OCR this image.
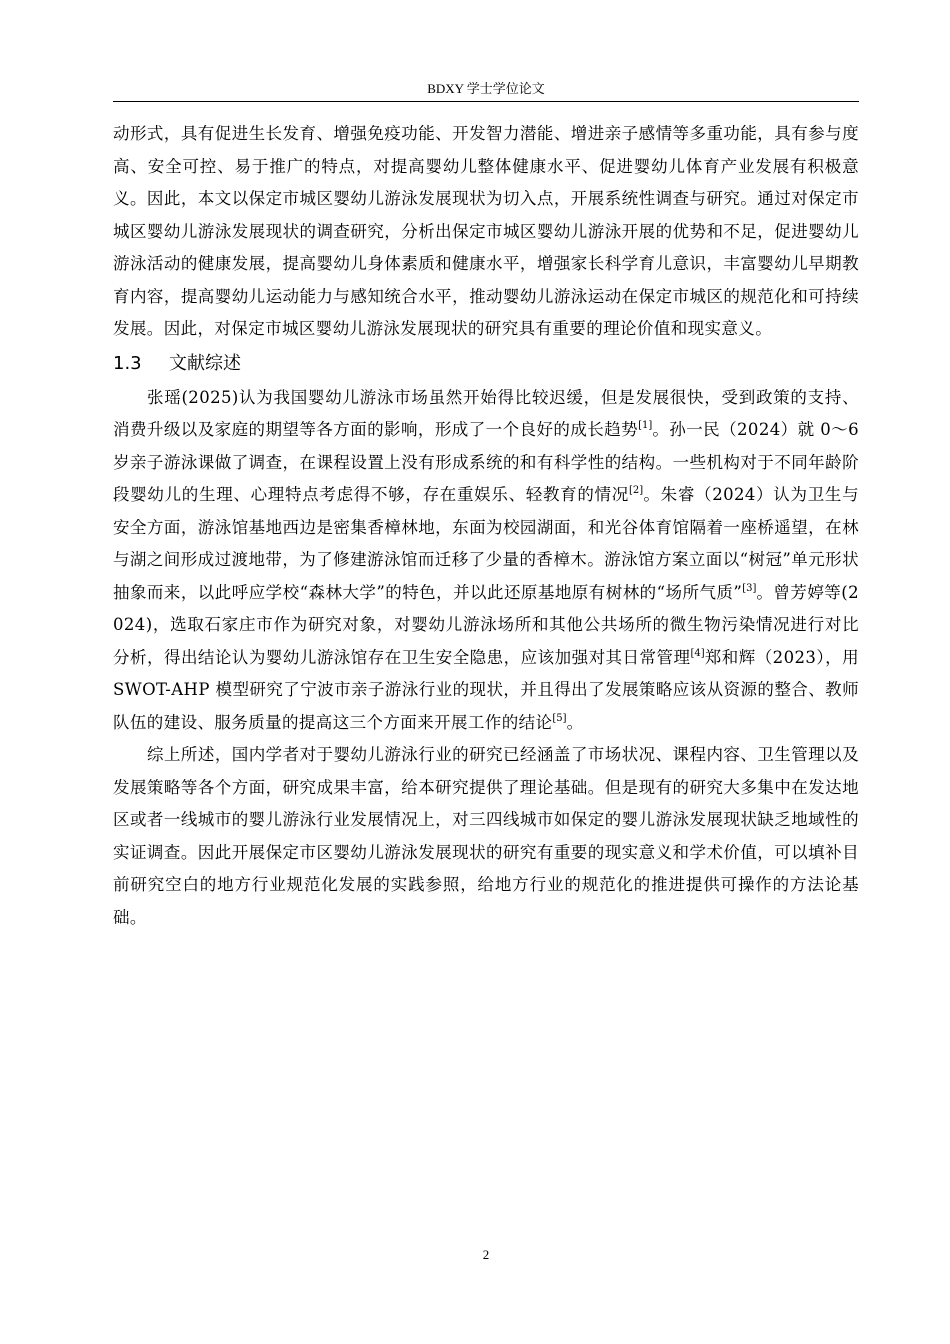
BDXY 学士学位论文

动形式，具有促进生长发育、增强免疫功能、开发智力潜能、增进亲子感情等多重功能，具有参与度高、安全可控、易于推广的特点，对提高婴幼儿整体健康水平、促进婴幼儿体育产业发展有积极意义。因此，本文以保定市城区婴幼儿游泳发展现状为切入点，开展系统性调查与研究。通过对保定市城区婴幼儿游泳发展现状的调查研究，分析出保定市城区婴幼儿游泳开展的优势和不足，促进婴幼儿游泳活动的健康发展，提高婴幼儿身体素质和健康水平，增强家长科学育儿意识，丰富婴幼儿早期教育内容，提高婴幼儿运动能力与感知统合水平，推动婴幼儿游泳运动在保定市城区的规范化和可持续发展。因此，对保定市城区婴幼儿游泳发展现状的研究具有重要的理论价值和现实意义。

1.3 文献综述

张瑶(2025)认为我国婴幼儿游泳市场虽然开始得比较迟缓，但是发展很快，受到政策的支持、消费升级以及家庭的期望等各方面的影响，形成了一个良好的成长趋势[1]。孙一民（2024）就 0～6 岁亲子游泳课做了调查，在课程设置上没有形成系统的和有科学性的结构。一些机构对于不同年龄阶段婴幼儿的生理、心理特点考虑得不够，存在重娱乐、轻教育的情况[2]。朱睿（2024）认为卫生与安全方面，游泳馆基地西边是密集香樟林地，东面为校园湖面，和光谷体育馆隔着一座桥遥望，在林与湖之间形成过渡地带，为了修建游泳馆而迁移了少量的香樟木。游泳馆方案立面以“树冠”单元形状抽象而来，以此呼应学校“森林大学”的特色，并以此还原基地原有树林的“场所气质”[3]。曾芳婷等(2024)，选取石家庄市作为研究对象，对婴幼儿游泳场所和其他公共场所的微生物污染情况进行对比分析，得出结论认为婴幼儿游泳馆存在卫生安全隐患，应该加强对其日常管理[4]郑和辉（2023），用 SWOT-AHP 模型研究了宁波市亲子游泳行业的现状，并且得出了发展策略应该从资源的整合、教师队伍的建设、服务质量的提高这三个方面来开展工作的结论[5]。

综上所述，国内学者对于婴幼儿游泳行业的研究已经涵盖了市场状况、课程内容、卫生管理以及发展策略等各个方面，研究成果丰富，给本研究提供了理论基础。但是现有的研究大多集中在发达地区或者一线城市的婴儿游泳行业发展情况上，对三四线城市如保定的婴儿游泳发展现状缺乏地域性的实证调查。因此开展保定市区婴幼儿游泳发展现状的研究有重要的现实意义和学术价值，可以填补目前研究空白的地方行业规范化发展的实践参照，给地方行业的规范化的推进提供可操作的方法论基础。

2
